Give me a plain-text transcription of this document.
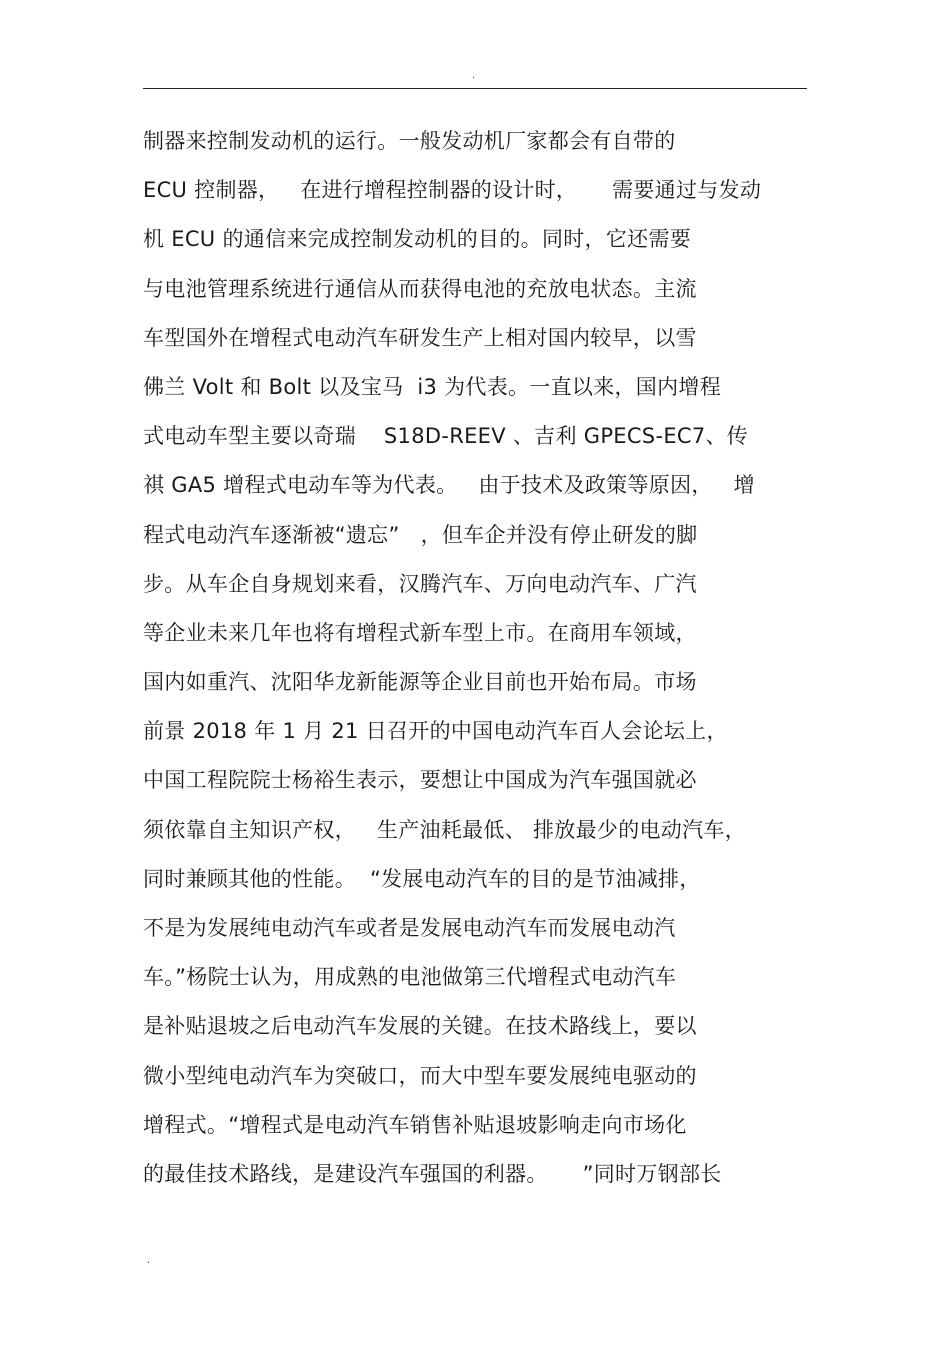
.
制器来控制发动机的运行。一般发动机厂家都会有自带的
ECU 控制器，   在进行增程控制器的设计时，     需要通过与发动
机 ECU 的通信来完成控制发动机的目的。同时，它还需要
与电池管理系统进行通信从而获得电池的充放电状态。主流
车型国外在增程式电动汽车研发生产上相对国内较早，以雪
佛兰 Volt 和 Bolt 以及宝马  i3 为代表。一直以来，国内增程
式电动车型主要以奇瑞    S18D-REEV 、吉利 GPECS-EC7、传
祺 GA5 增程式电动车等为代表。   由于技术及政策等原因，   增
程式电动汽车逐渐被“遗忘”   ，但车企并没有停止研发的脚
步。从车企自身规划来看，汉腾汽车、万向电动汽车、广汽
等企业未来几年也将有增程式新车型上市。在商用车领域，
国内如重汽、沈阳华龙新能源等企业目前也开始布局。市场
前景 2018 年 1 月 21 日召开的中国电动汽车百人会论坛上，
中国工程院院士杨裕生表示，要想让中国成为汽车强国就必
须依靠自主知识产权，   生产油耗最低、 排放最少的电动汽车，
同时兼顾其他的性能。  “发展电动汽车的目的是节油减排，
不是为发展纯电动汽车或者是发展电动汽车而发展电动汽
车。”杨院士认为，用成熟的电池做第三代增程式电动汽车
是补贴退坡之后电动汽车发展的关键。在技术路线上，要以
微小型纯电动汽车为突破口，而大中型车要发展纯电驱动的
增程式。“增程式是电动汽车销售补贴退坡影响走向市场化
的最佳技术路线，是建设汽车强国的利器。     ”同时万钢部长
.
